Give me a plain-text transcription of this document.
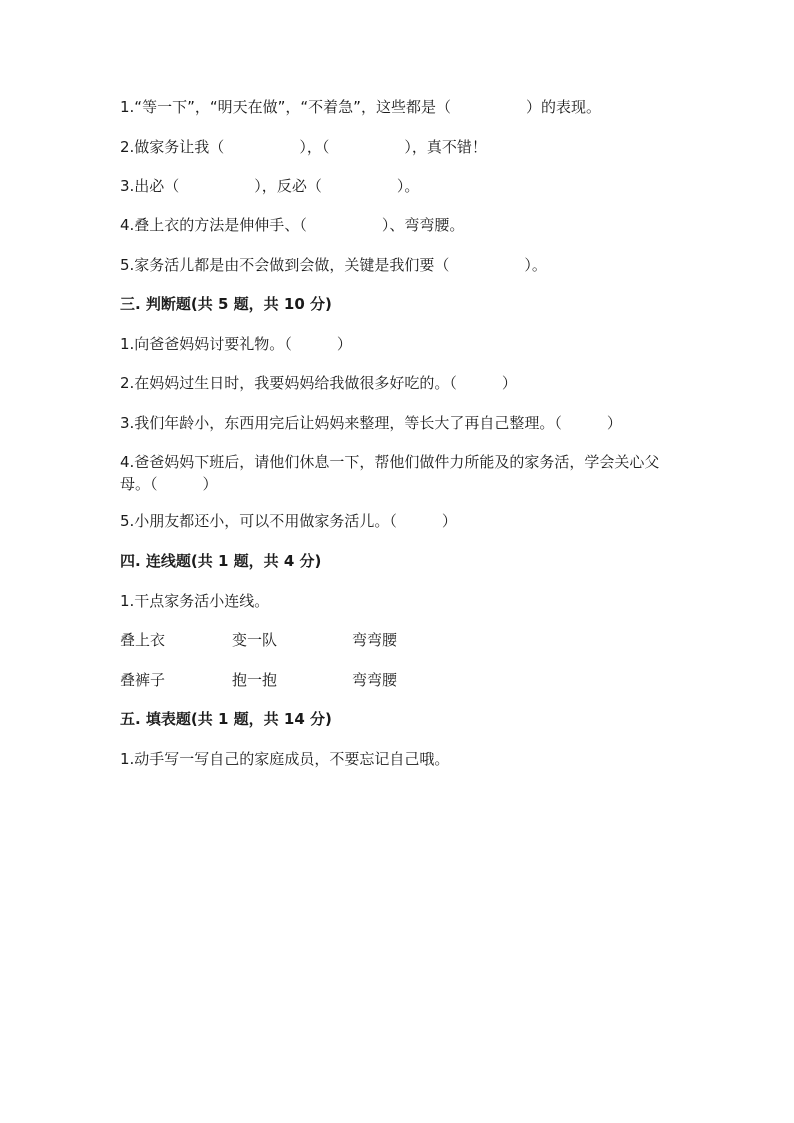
1.“等一下”，“明天在做”，“不着急”，这些都是（　　　　　）的表现。
2.做家务让我（　　　　　），（　　　　　），真不错！
3.出必（　　　　　），反必（　　　　　）。
4.叠上衣的方法是伸伸手、（　　　　　）、弯弯腰。
5.家务活儿都是由不会做到会做，关键是我们要（　　　　　）。
三. 判断题(共 5 题，共 10 分)
1.向爸爸妈妈讨要礼物。（　　　）
2.在妈妈过生日时，我要妈妈给我做很多好吃的。（　　　）
3.我们年龄小，东西用完后让妈妈来整理，等长大了再自己整理。（　　　）
4.爸爸妈妈下班后，请他们休息一下，帮他们做件力所能及的家务活，学会关心父母。（　　　）
5.小朋友都还小，可以不用做家务活儿。（　　　）
四. 连线题(共 1 题，共 4 分)
1.干点家务活小连线。
叠上衣	变一队	弯弯腰
叠裤子	抱一抱	弯弯腰
五. 填表题(共 1 题，共 14 分)
1.动手写一写自己的家庭成员，不要忘记自己哦。
